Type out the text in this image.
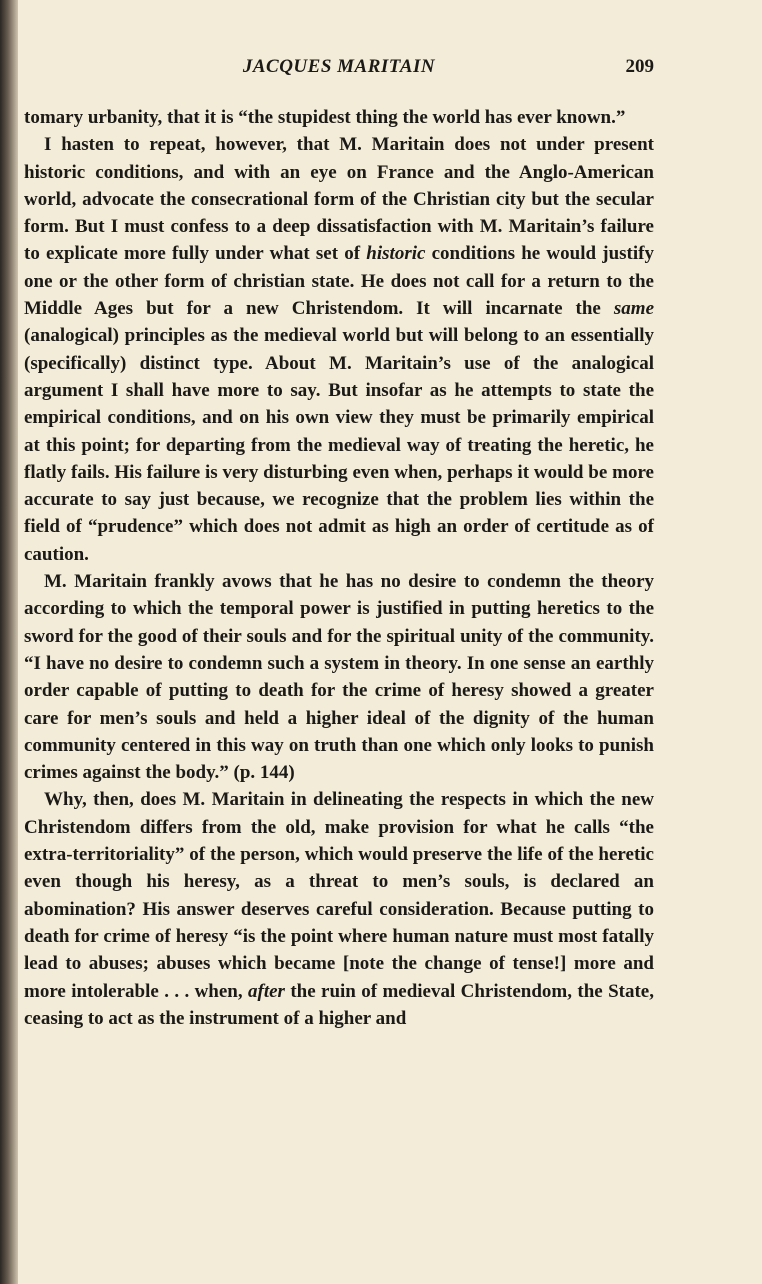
JACQUES MARITAIN	209

tomary urbanity, that it is “the stupidest thing the world has ever known.”

I hasten to repeat, however, that M. Maritain does not under present historic conditions, and with an eye on France and the Anglo-American world, advocate the consecrational form of the Christian city but the secular form. But I must confess to a deep dissatisfaction with M. Maritain’s failure to explicate more fully under what set of historic conditions he would justify one or the other form of christian state. He does not call for a return to the Middle Ages but for a new Christendom. It will incarnate the same (analogical) principles as the medieval world but will belong to an essentially (specifically) distinct type. About M. Maritain’s use of the analogical argument I shall have more to say. But insofar as he attempts to state the empirical conditions, and on his own view they must be primarily empirical at this point; for departing from the medieval way of treating the heretic, he flatly fails. His failure is very disturbing even when, perhaps it would be more accurate to say just because, we recognize that the problem lies within the field of “prudence” which does not admit as high an order of certitude as of caution.

M. Maritain frankly avows that he has no desire to condemn the theory according to which the temporal power is justified in putting heretics to the sword for the good of their souls and for the spiritual unity of the community. “I have no desire to condemn such a system in theory. In one sense an earthly order capable of putting to death for the crime of heresy showed a greater care for men’s souls and held a higher ideal of the dignity of the human community centered in this way on truth than one which only looks to punish crimes against the body.” (p. 144)

Why, then, does M. Maritain in delineating the respects in which the new Christendom differs from the old, make provision for what he calls “the extra-territoriality” of the person, which would preserve the life of the heretic even though his heresy, as a threat to men’s souls, is declared an abomination? His answer deserves careful consideration. Because putting to death for crime of heresy “is the point where human nature must most fatally lead to abuses; abuses which became [note the change of tense!] more and more intolerable . . . when, after the ruin of medieval Christendom, the State, ceasing to act as the instrument of a higher and
